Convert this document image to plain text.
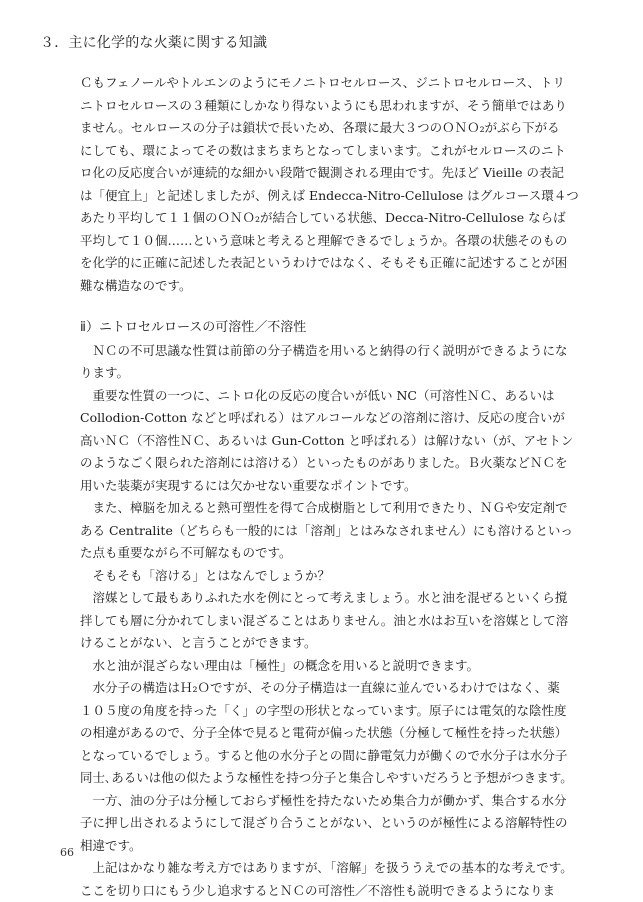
３．主に化学的な火薬に関する知識
Ｃもフェノールやトルエンのようにモノニトロセルロース、ジニトロセルロース、トリ
ニトロセルロースの３種類にしかなり得ないようにも思われますが、そう簡単ではあり
ません。セルロースの分子は鎖状で長いため、各環に最大３つのＯＮＯ₂がぶら下がる
にしても、環によってその数はまちまちとなってしまいます。これがセルロースのニト
ロ化の反応度合いが連続的な細かい段階で観測される理由です。先ほど Vieille の表記
は「便宜上」と記述しましたが、例えば Endecca-Nitro-Cellulose はグルコース環４つ
あたり平均して１１個のＯＮＯ₂が結合している状態、Decca-Nitro-Cellulose ならば
平均して１０個……という意味と考えると理解できるでしょうか。各環の状態そのもの
を化学的に正確に記述した表記というわけではなく、そもそも正確に記述することが困
難な構造なのです。
ⅱ）ニトロセルロースの可溶性／不溶性
ＮＣの不可思議な性質は前節の分子構造を用いると納得の行く説明ができるようにな
ります。
重要な性質の一つに、ニトロ化の反応の度合いが低い NC（可溶性ＮＣ、あるいは
Collodion-Cotton などと呼ばれる）はアルコールなどの溶剤に溶け、反応の度合いが
高いＮＣ（不溶性ＮＣ、あるいは Gun-Cotton と呼ばれる）は解けない（が、アセトン
のようなごく限られた溶剤には溶ける）といったものがありました。Ｂ火薬などＮＣを
用いた装薬が実現するには欠かせない重要なポイントです。
また、樟脳を加えると熱可塑性を得て合成樹脂として利用できたり、ＮＧや安定剤で
ある Centralite（どちらも一般的には「溶剤」とはみなされません）にも溶けるといっ
た点も重要ながら不可解なものです。
そもそも「溶ける」とはなんでしょうか？
溶媒として最もありふれた水を例にとって考えましょう。水と油を混ぜるといくら撹
拌しても層に分かれてしまい混ざることはありません。油と水はお互いを溶媒として溶
けることがない、と言うことができます。
水と油が混ざらない理由は「極性」の概念を用いると説明できます。
水分子の構造はＨ₂Ｏですが、その分子構造は一直線に並んでいるわけではなく、薬
１０５度の角度を持った「く」の字型の形状となっています。原子には電気的な陰性度
の相違があるので、分子全体で見ると電荷が偏った状態（分極して極性を持った状態）
となっているでしょう。すると他の水分子との間に静電気力が働くので水分子は水分子
同士､あるいは他の似たような極性を持つ分子と集合しやすいだろうと予想がつきます。
一方、油の分子は分極しておらず極性を持たないため集合力が働かず、集合する水分
子に押し出されるようにして混ざり合うことがない、というのが極性による溶解特性の
相違です。
上記はかなり雑な考え方ではありますが､「溶解」を扱ううえでの基本的な考えです。
ここを切り口にもう少し追求するとＮＣの可溶性／不溶性も説明できるようになりま
66
